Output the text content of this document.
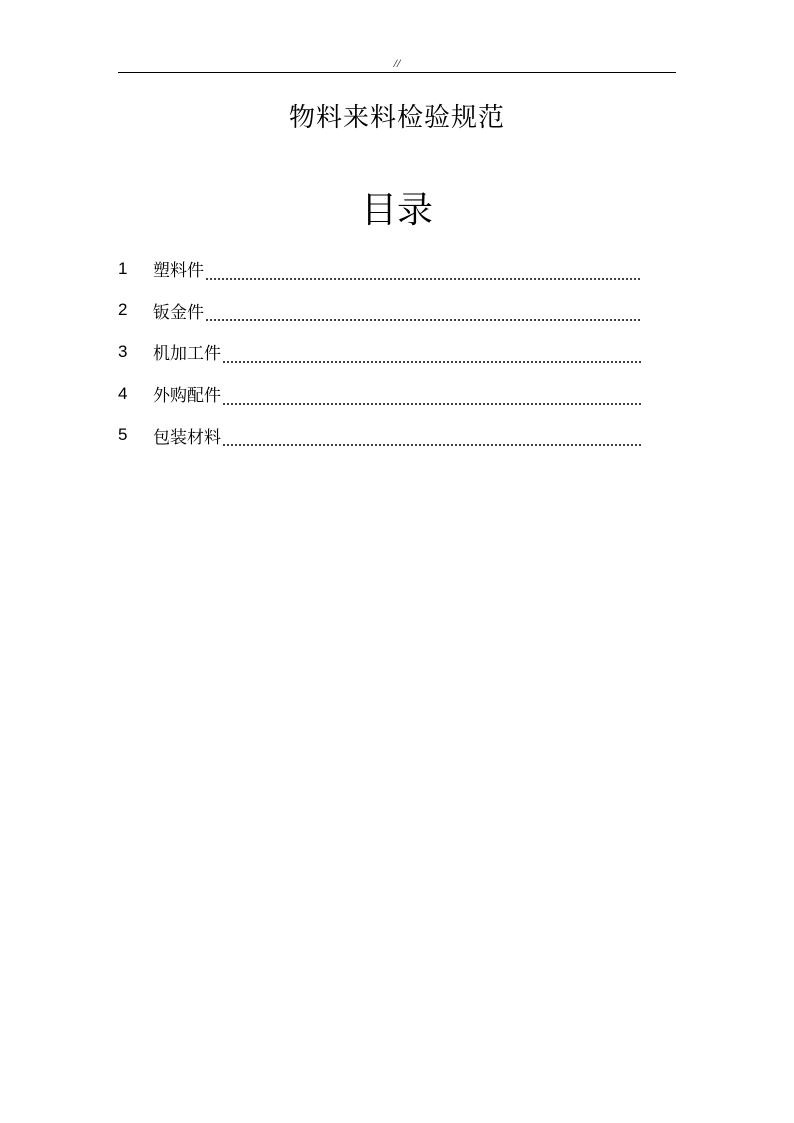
//
物料来料检验规范
目录
1	塑料件
2	钣金件
3	机加工件
4	外购配件
5	包装材料
